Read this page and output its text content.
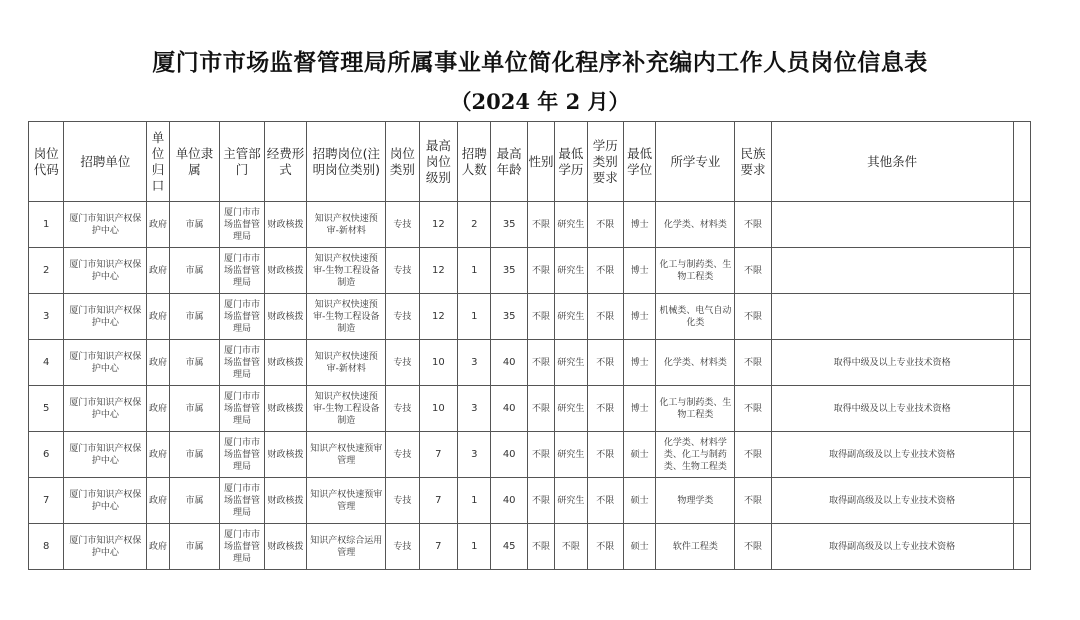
厦门市市场监督管理局所属事业单位简化程序补充编内工作人员岗位信息表
（2024 年 2 月）
岗位代码	招聘单位	单位归口	单位隶属	主管部门	经费形式	招聘岗位(注明岗位类别)	岗位类别	最高岗位级别	招聘人数	最高年龄	性别	最低学历	学历类别要求	最低学位	所学专业	民族要求	其他条件	
1	厦门市知识产权保护中心	政府	市属	厦门市市场监督管理局	财政核拨	知识产权快速预审-新材料	专技	12	2	35	不限	研究生	不限	博士	化学类、材料类	不限		
2	厦门市知识产权保护中心	政府	市属	厦门市市场监督管理局	财政核拨	知识产权快速预审-生物工程设备制造	专技	12	1	35	不限	研究生	不限	博士	化工与制药类、生物工程类	不限		
3	厦门市知识产权保护中心	政府	市属	厦门市市场监督管理局	财政核拨	知识产权快速预审-生物工程设备制造	专技	12	1	35	不限	研究生	不限	博士	机械类、电气自动化类	不限		
4	厦门市知识产权保护中心	政府	市属	厦门市市场监督管理局	财政核拨	知识产权快速预审-新材料	专技	10	3	40	不限	研究生	不限	博士	化学类、材料类	不限	取得中级及以上专业技术资格	
5	厦门市知识产权保护中心	政府	市属	厦门市市场监督管理局	财政核拨	知识产权快速预审-生物工程设备制造	专技	10	3	40	不限	研究生	不限	博士	化工与制药类、生物工程类	不限	取得中级及以上专业技术资格	
6	厦门市知识产权保护中心	政府	市属	厦门市市场监督管理局	财政核拨	知识产权快速预审管理	专技	7	3	40	不限	研究生	不限	硕士	化学类、材料学类、化工与制药类、生物工程类	不限	取得副高级及以上专业技术资格	
7	厦门市知识产权保护中心	政府	市属	厦门市市场监督管理局	财政核拨	知识产权快速预审管理	专技	7	1	40	不限	研究生	不限	硕士	物理学类	不限	取得副高级及以上专业技术资格	
8	厦门市知识产权保护中心	政府	市属	厦门市市场监督管理局	财政核拨	知识产权综合运用管理	专技	7	1	45	不限	不限	不限	硕士	软件工程类	不限	取得副高级及以上专业技术资格	
